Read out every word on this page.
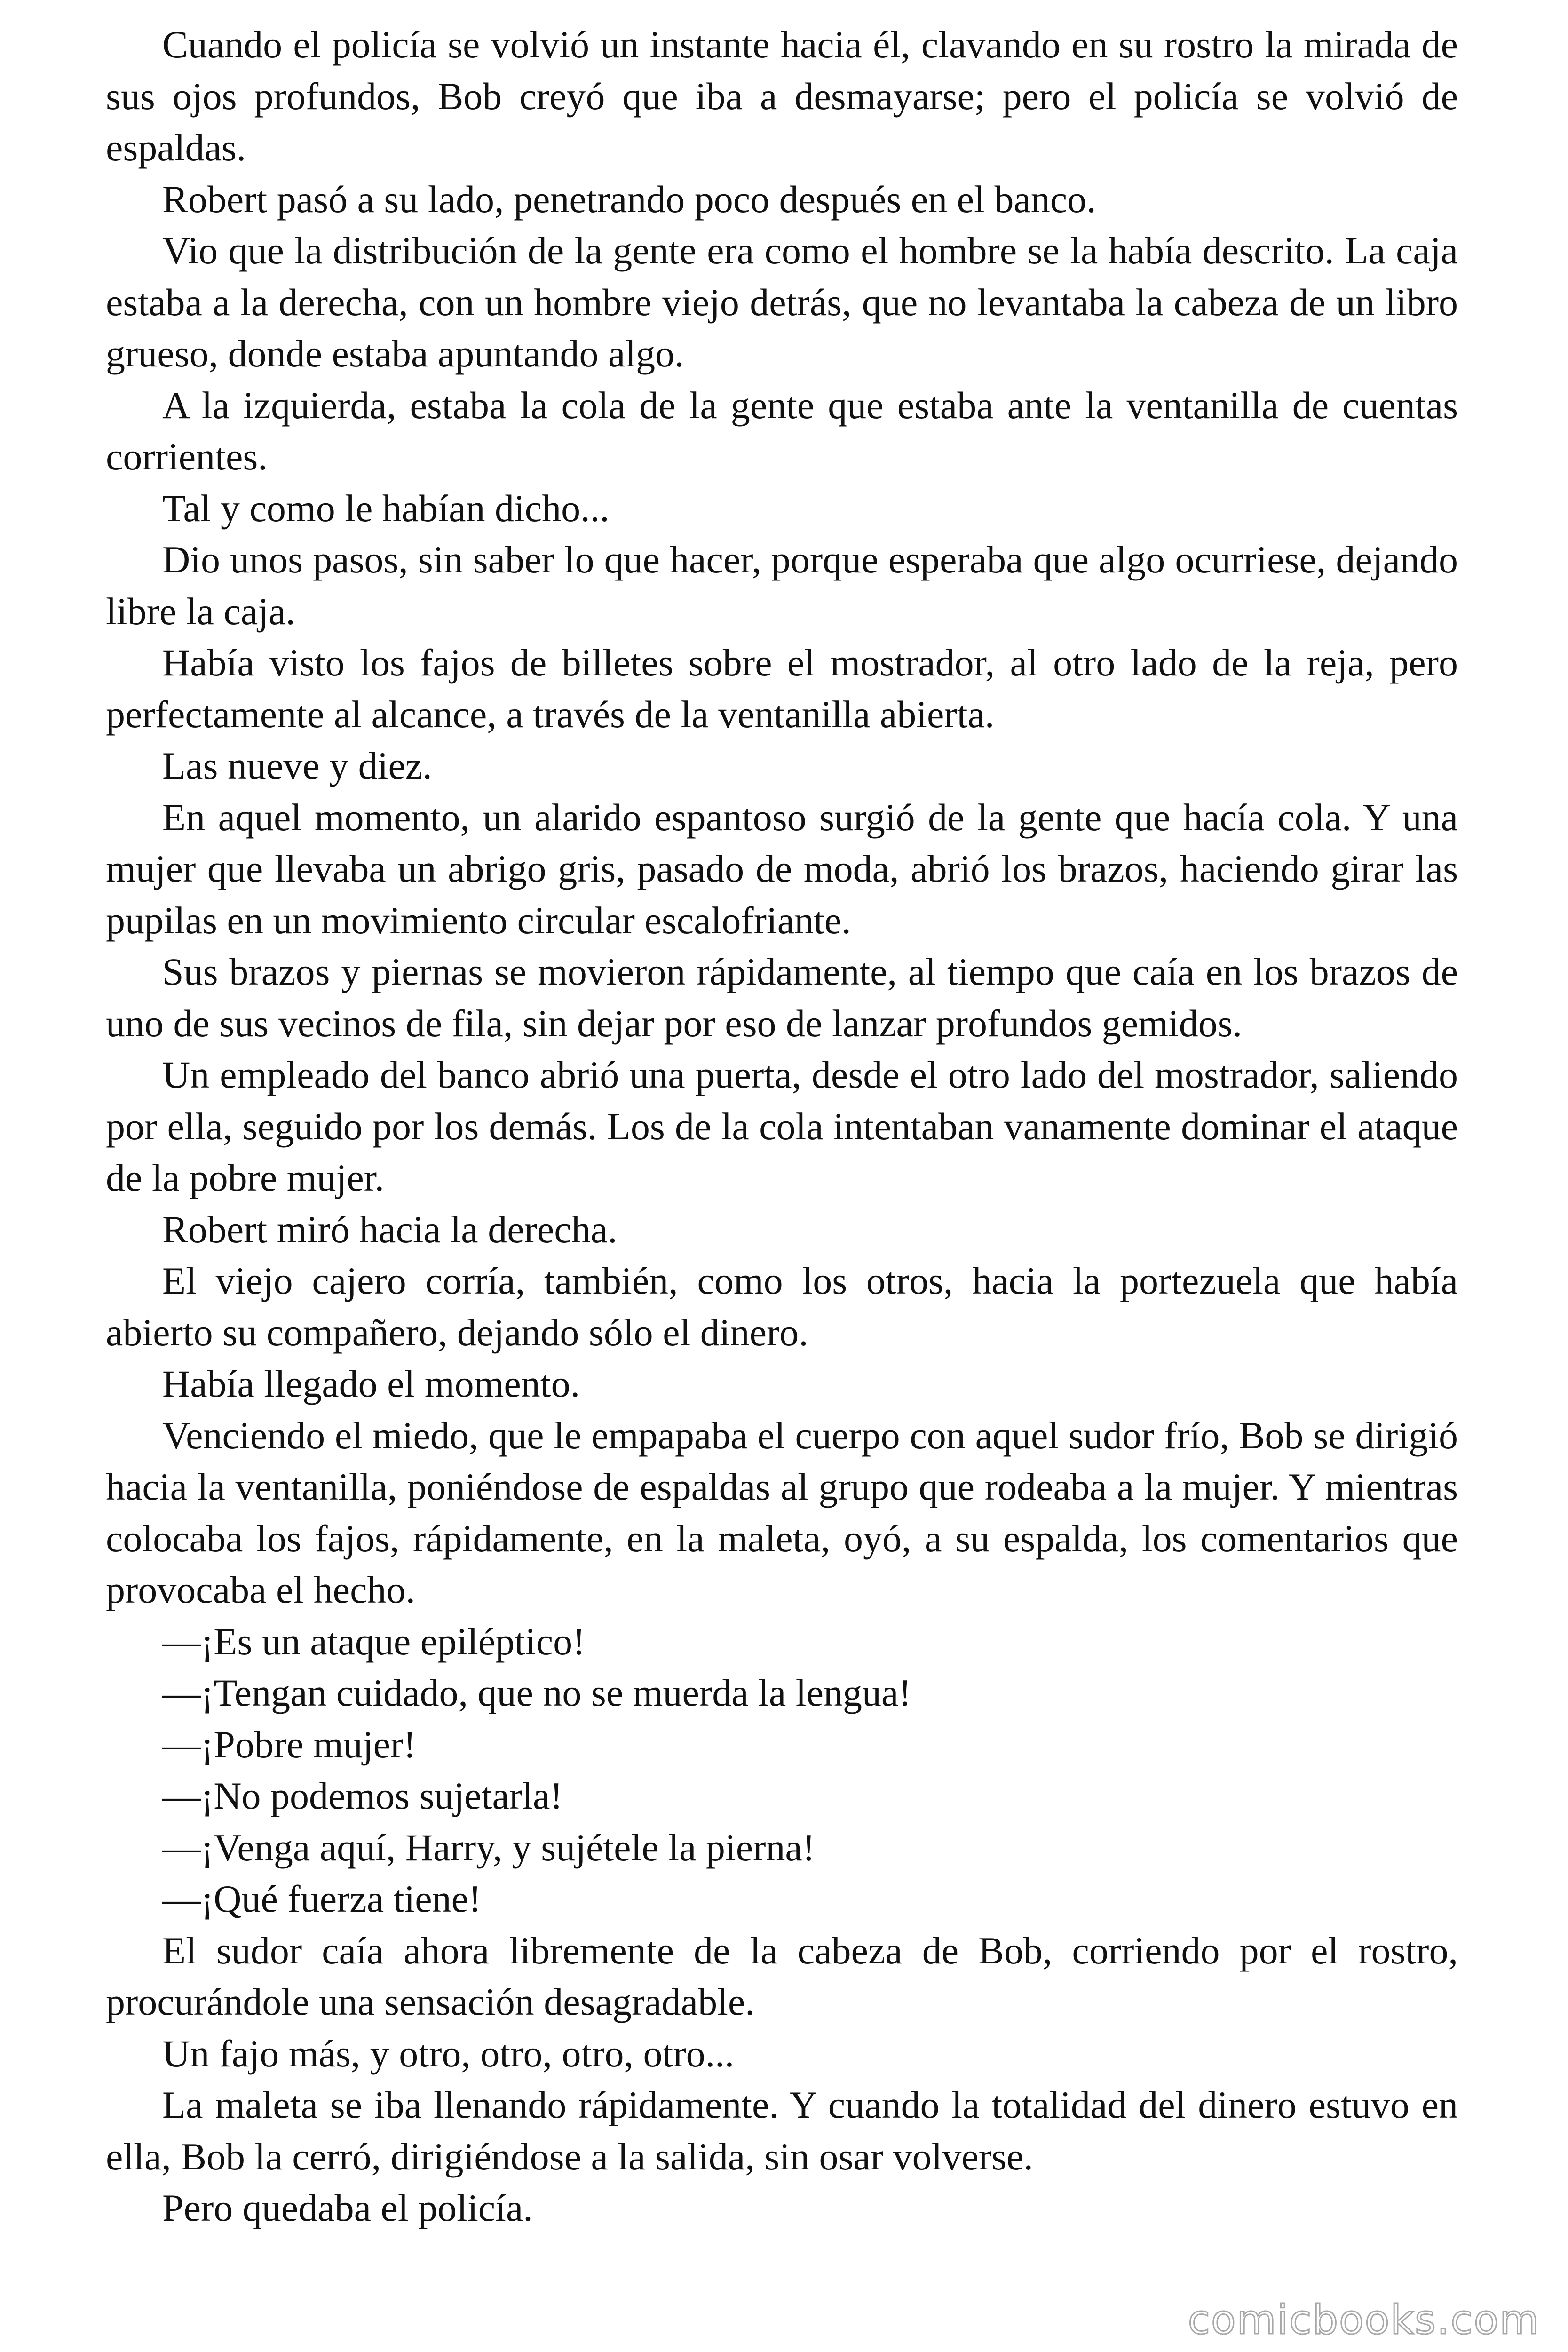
Cuando el policía se volvió un instante hacia él, clavando en su rostro la mirada de sus ojos profundos, Bob creyó que iba a desmayarse; pero el policía se volvió de espaldas.

Robert pasó a su lado, penetrando poco después en el banco.

Vio que la distribución de la gente era como el hombre se la había descrito. La caja estaba a la derecha, con un hombre viejo detrás, que no levantaba la cabeza de un libro grueso, donde estaba apuntando algo.

A la izquierda, estaba la cola de la gente que estaba ante la ventanilla de cuentas corrientes.

Tal y como le habían dicho...

Dio unos pasos, sin saber lo que hacer, porque esperaba que algo ocurriese, dejando libre la caja.

Había visto los fajos de billetes sobre el mostrador, al otro lado de la reja, pero perfectamente al alcance, a través de la ventanilla abierta.

Las nueve y diez.

En aquel momento, un alarido espantoso surgió de la gente que hacía cola. Y una mujer que llevaba un abrigo gris, pasado de moda, abrió los brazos, haciendo girar las pupilas en un movimiento circular escalofriante.

Sus brazos y piernas se movieron rápidamente, al tiempo que caía en los brazos de uno de sus vecinos de fila, sin dejar por eso de lanzar profundos gemidos.

Un empleado del banco abrió una puerta, desde el otro lado del mostrador, saliendo por ella, seguido por los demás. Los de la cola intentaban vanamente dominar el ataque de la pobre mujer.

Robert miró hacia la derecha.

El viejo cajero corría, también, como los otros, hacia la portezuela que había abierto su compañero, dejando sólo el dinero.

Había llegado el momento.

Venciendo el miedo, que le empapaba el cuerpo con aquel sudor frío, Bob se dirigió hacia la ventanilla, poniéndose de espaldas al grupo que rodeaba a la mujer. Y mientras colocaba los fajos, rápidamente, en la maleta, oyó, a su espalda, los comentarios que provocaba el hecho.

—¡Es un ataque epiléptico!

—¡Tengan cuidado, que no se muerda la lengua!

—¡Pobre mujer!

—¡No podemos sujetarla!

—¡Venga aquí, Harry, y sujétele la pierna!

—¡Qué fuerza tiene!

El sudor caía ahora libremente de la cabeza de Bob, corriendo por el rostro, procurándole una sensación desagradable.

Un fajo más, y otro, otro, otro, otro...

La maleta se iba llenando rápidamente. Y cuando la totalidad del dinero estuvo en ella, Bob la cerró, dirigiéndose a la salida, sin osar volverse.

Pero quedaba el policía.

comicbooks.com
